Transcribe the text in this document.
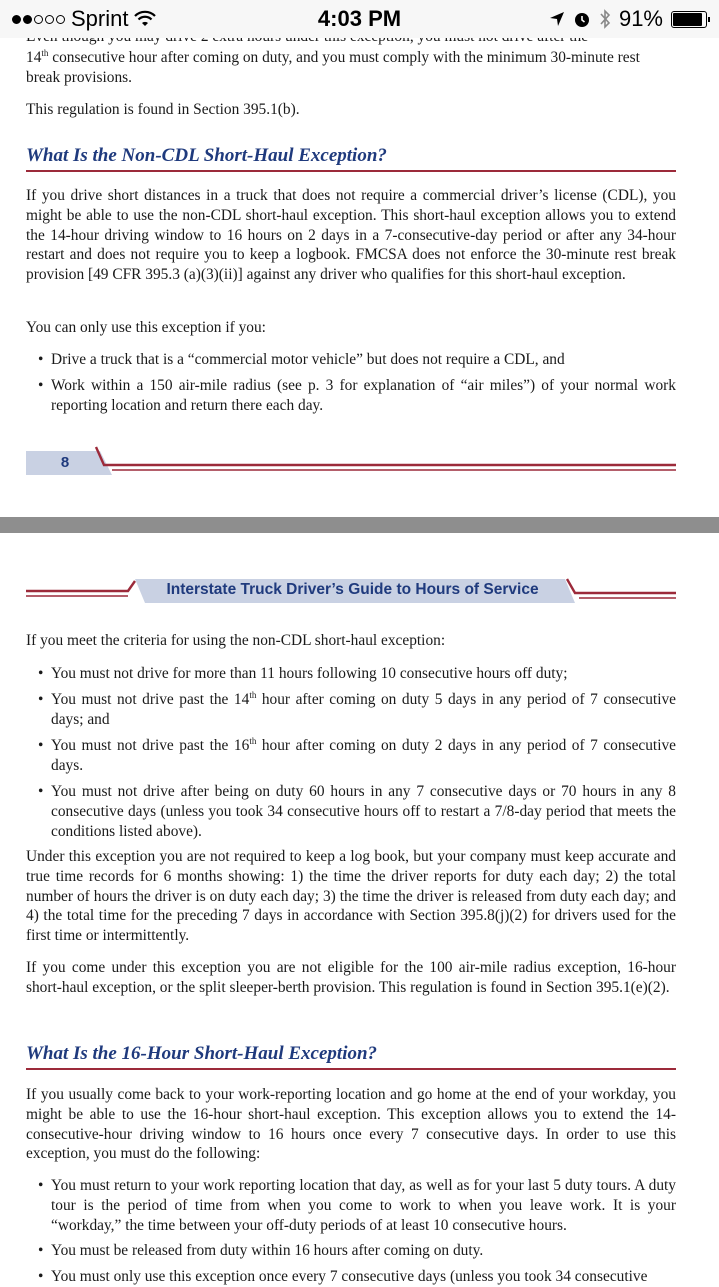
Sprint	4:03 PM	91%

14th consecutive hour after coming on duty, and you must comply with the minimum 30-minute rest break provisions.

This regulation is found in Section 395.1(b).

What Is the Non-CDL Short-Haul Exception?

If you drive short distances in a truck that does not require a commercial driver’s license (CDL), you might be able to use the non-CDL short-haul exception. This short-haul exception allows you to extend the 14-hour driving window to 16 hours on 2 days in a 7-consecutive-day period or after any 34-hour restart and does not require you to keep a logbook. FMCSA does not enforce the 30-minute rest break provision [49 CFR 395.3 (a)(3)(ii)] against any driver who qualifies for this short-haul exception.

You can only use this exception if you:

• Drive a truck that is a “commercial motor vehicle” but does not require a CDL, and
• Work within a 150 air-mile radius (see p. 3 for explanation of “air miles”) of your normal work reporting location and return there each day.
8
Interstate Truck Driver’s Guide to Hours of Service

If you meet the criteria for using the non-CDL short-haul exception:

• You must not drive for more than 11 hours following 10 consecutive hours off duty;
• You must not drive past the 14th hour after coming on duty 5 days in any period of 7 consecutive days; and
• You must not drive past the 16th hour after coming on duty 2 days in any period of 7 consecutive days.
• You must not drive after being on duty 60 hours in any 7 consecutive days or 70 hours in any 8 consecutive days (unless you took 34 consecutive hours off to restart a 7/8-day period that meets the conditions listed above).

Under this exception you are not required to keep a log book, but your company must keep accurate and true time records for 6 months showing: 1) the time the driver reports for duty each day; 2) the total number of hours the driver is on duty each day; 3) the time the driver is released from duty each day; and 4) the total time for the preceding 7 days in accordance with Section 395.8(j)(2) for drivers used for the first time or intermittently.

If you come under this exception you are not eligible for the 100 air-mile radius exception, 16-hour short-haul exception, or the split sleeper-berth provision. This regulation is found in Section 395.1(e)(2).

What Is the 16-Hour Short-Haul Exception?

If you usually come back to your work-reporting location and go home at the end of your workday, you might be able to use the 16-hour short-haul exception. This exception allows you to extend the 14-consecutive-hour driving window to 16 hours once every 7 consecutive days. In order to use this exception, you must do the following:

• You must return to your work reporting location that day, as well as for your last 5 duty tours. A duty tour is the period of time from when you come to work to when you leave work. It is your “workday,” the time between your off-duty periods of at least 10 consecutive hours.
• You must be released from duty within 16 hours after coming on duty.
• You must only use this exception once every 7 consecutive days (unless you took 34 consecutive
